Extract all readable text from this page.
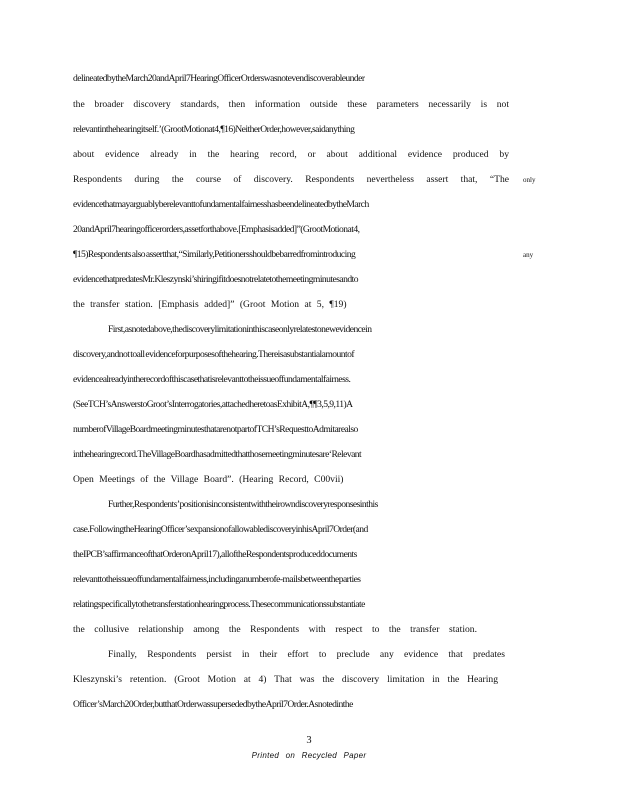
delineatedbytheMarch20andApril7HearingOfficerOrderswasnotevendiscoverableunder
the broader discovery standards, then information outside these parameters necessarily is not
relevantinthehearingitself.’(GrootMotionat4,¶16)NeitherOrder,however,saidanything
about evidence already in the hearing record, or about additional evidence produced by
Respondents during the course of discovery. Respondents nevertheless assert that, “The only
evidencethatmayarguablyberelevanttofundamentalfairnesshasbeendelineatedbytheMarch
20andApril7hearingofficerorders,assetforthabove.[Emphasisadded]”(GrootMotionat4,
¶15)Respondents also assertthat,“Similarly,Petitionersshouldbebarredfromintroducing	any
evidencethatpredatesMr.Kleszynski’shiringifitdoesnotrelatetothemeetingminutesandto
the transfer station. [Emphasis added]” (Groot Motion at 5, ¶19)
First,asnotedabove,thediscoverylimitationinthiscaseonlyrelatestonewevidencein
discovery,andnot toall evidenceforpurposesofthehearing.Thereisasubstantialamountof
evidencealreadyintherecordofthiscasethatisrelevanttotheissueoffundamentalfairness.
(SeeTCH’sAnswerstoGroot’sInterrogatories,attachedheretoasExhibitA,¶¶3,5,9,11)A
numberofVillageBoardmeetingminutesthatarenotpartofTCH’sRequesttoAdmitarealso
inthehearingrecord.TheVillageBoardhasadmittedthatthosemeetingminutesare‘Relevant
Open Meetings of the Village Board”. (Hearing Record, C00vii)
Further,Respondents’positionisinconsistentwiththeirowndiscoveryresponsesinthis
case.FollowingtheHearingOfficer’sexpansionofallowablediscoveryinhisApril7Order(and
theIPCB’saffirmanceofthatOrderonApril17),alloftheRespondentsproduceddocuments
relevanttotheissueoffundamentalfairness,includinganumberofe-mailsbetweentheparties
relatingspecificallytothetransferstationhearingprocess.Thesecommunicationssubstantiate
the collusive relationship among the Respondents with respect to the transfer station.
Finally, Respondents persist in their effort to preclude any evidence that predates
Kleszynski’s retention. (Groot Motion at 4) That was the discovery limitation in the Hearing
Officer’sMarch20Order,butthatOrderwassupersededbytheApril7Order.Asnotedinthe
3
Printed on Recycled Paper
